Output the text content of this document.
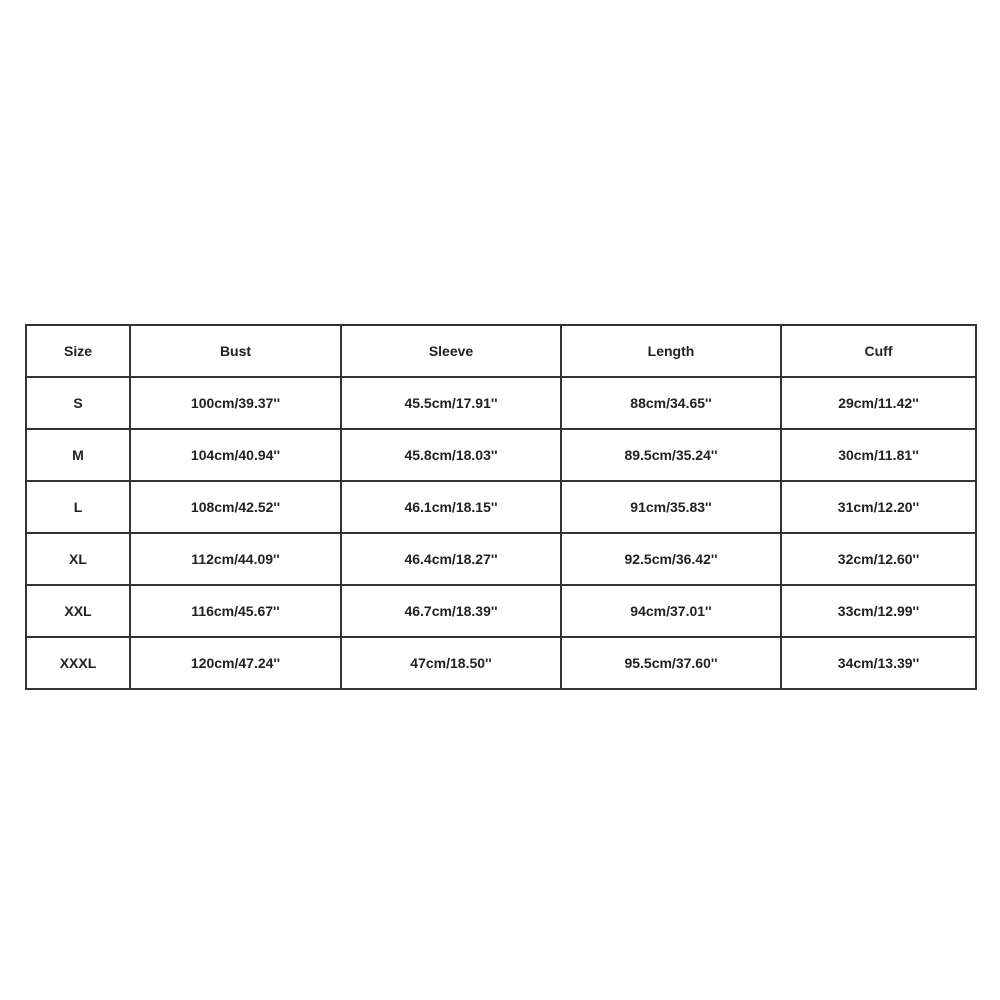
Size	Bust	Sleeve	Length	Cuff
S	100cm/39.37''	45.5cm/17.91''	88cm/34.65''	29cm/11.42''
M	104cm/40.94''	45.8cm/18.03''	89.5cm/35.24''	30cm/11.81''
L	108cm/42.52''	46.1cm/18.15''	91cm/35.83''	31cm/12.20''
XL	112cm/44.09''	46.4cm/18.27''	92.5cm/36.42''	32cm/12.60''
XXL	116cm/45.67''	46.7cm/18.39''	94cm/37.01''	33cm/12.99''
XXXL	120cm/47.24''	47cm/18.50''	95.5cm/37.60''	34cm/13.39''
